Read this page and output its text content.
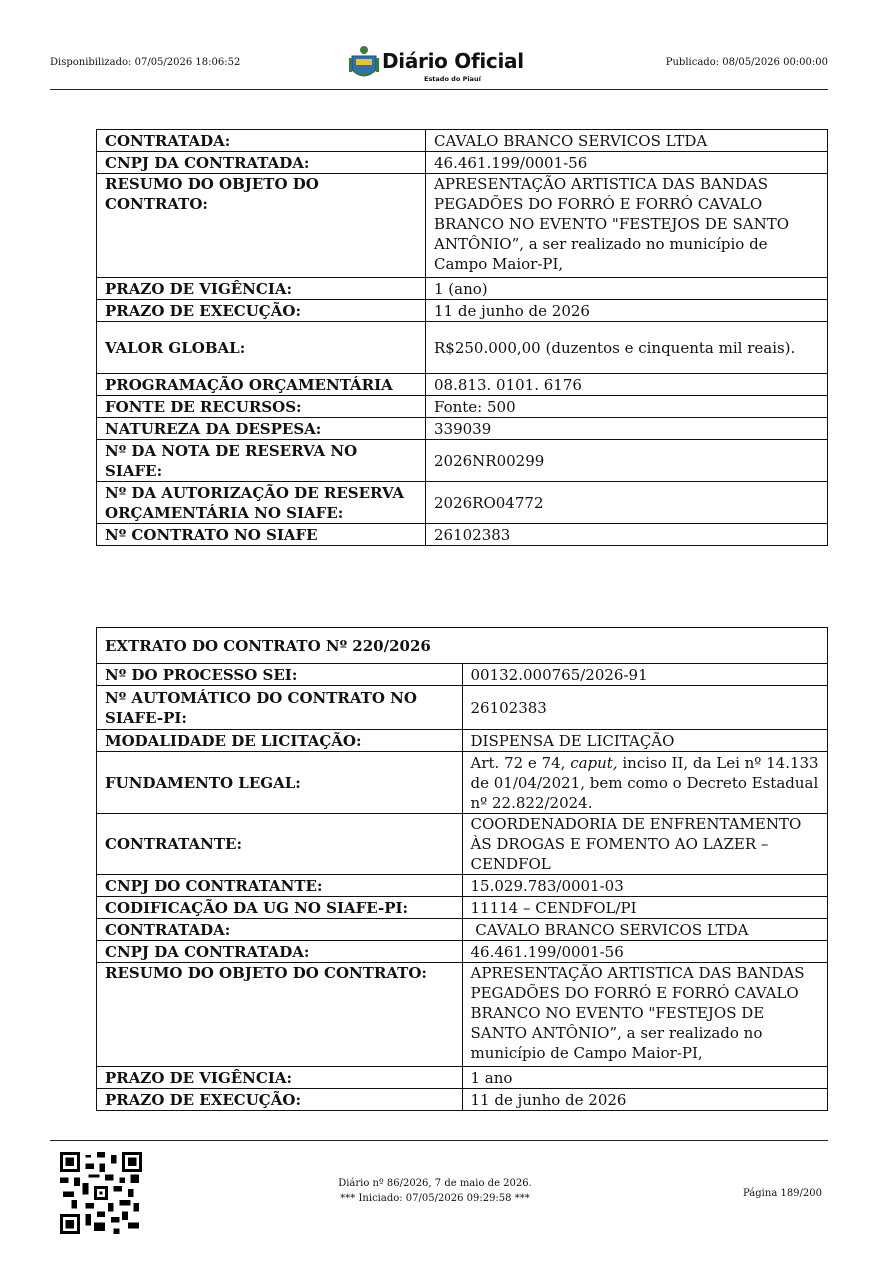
Disponibilizado: 07/05/2026 18:06:52	Diário Oficial
Estado do Piauí
Publicado: 08/05/2026 00:00:00
CONTRATADA:	CAVALO BRANCO SERVICOS LTDA
CNPJ DA CONTRATADA:	46.461.199/0001-56
RESUMO DO OBJETO DO CONTRATO:	APRESENTAÇÃO ARTISTICA DAS BANDAS PEGADÕES DO FORRÓ E FORRÓ CAVALO BRANCO NO EVENTO "FESTEJOS DE SANTO ANTÔNIO”, a ser realizado no município de Campo Maior-PI,
PRAZO DE VIGÊNCIA:	1 (ano)
PRAZO DE EXECUÇÃO:	11 de junho de 2026
VALOR GLOBAL:	R$250.000,00 (duzentos e cinquenta mil reais).
PROGRAMAÇÃO ORÇAMENTÁRIA	08.813. 0101. 6176
FONTE DE RECURSOS:	Fonte: 500
NATUREZA DA DESPESA:	339039
Nº DA NOTA DE RESERVA NO SIAFE:	2026NR00299
Nº DA AUTORIZAÇÃO DE RESERVA ORÇAMENTÁRIA NO SIAFE:	2026RO04772
Nº CONTRATO NO SIAFE	26102383
EXTRATO DO CONTRATO Nº 220/2026	
Nº DO PROCESSO SEI:	00132.000765/2026-91
Nº AUTOMÁTICO DO CONTRATO NO SIAFE-PI:	26102383
MODALIDADE DE LICITAÇÃO:	DISPENSA DE LICITAÇÃO
FUNDAMENTO LEGAL:	Art. 72 e 74, caput, inciso II, da Lei nº 14.133 de 01/04/2021, bem como o Decreto Estadual nº 22.822/2024.
CONTRATANTE:	COORDENADORIA DE ENFRENTAMENTO ÀS DROGAS E FOMENTO AO LAZER – CENDFOL
CNPJ DO CONTRATANTE:	15.029.783/0001-03
CODIFICAÇÃO DA UG NO SIAFE-PI:	11114 – CENDFOL/PI
CONTRATADA:	CAVALO BRANCO SERVICOS LTDA
CNPJ DA CONTRATADA:	46.461.199/0001-56
RESUMO DO OBJETO DO CONTRATO:	APRESENTAÇÃO ARTISTICA DAS BANDAS PEGADÕES DO FORRÓ E FORRÓ CAVALO BRANCO NO EVENTO "FESTEJOS DE SANTO ANTÔNIO”, a ser realizado no município de Campo Maior-PI,
PRAZO DE VIGÊNCIA:	1 ano
PRAZO DE EXECUÇÃO:	11 de junho de 2026
Diário nº 86/2026, 7 de maio de 2026.
*** Iniciado: 07/05/2026 09:29:58 ***	Página 189/200
